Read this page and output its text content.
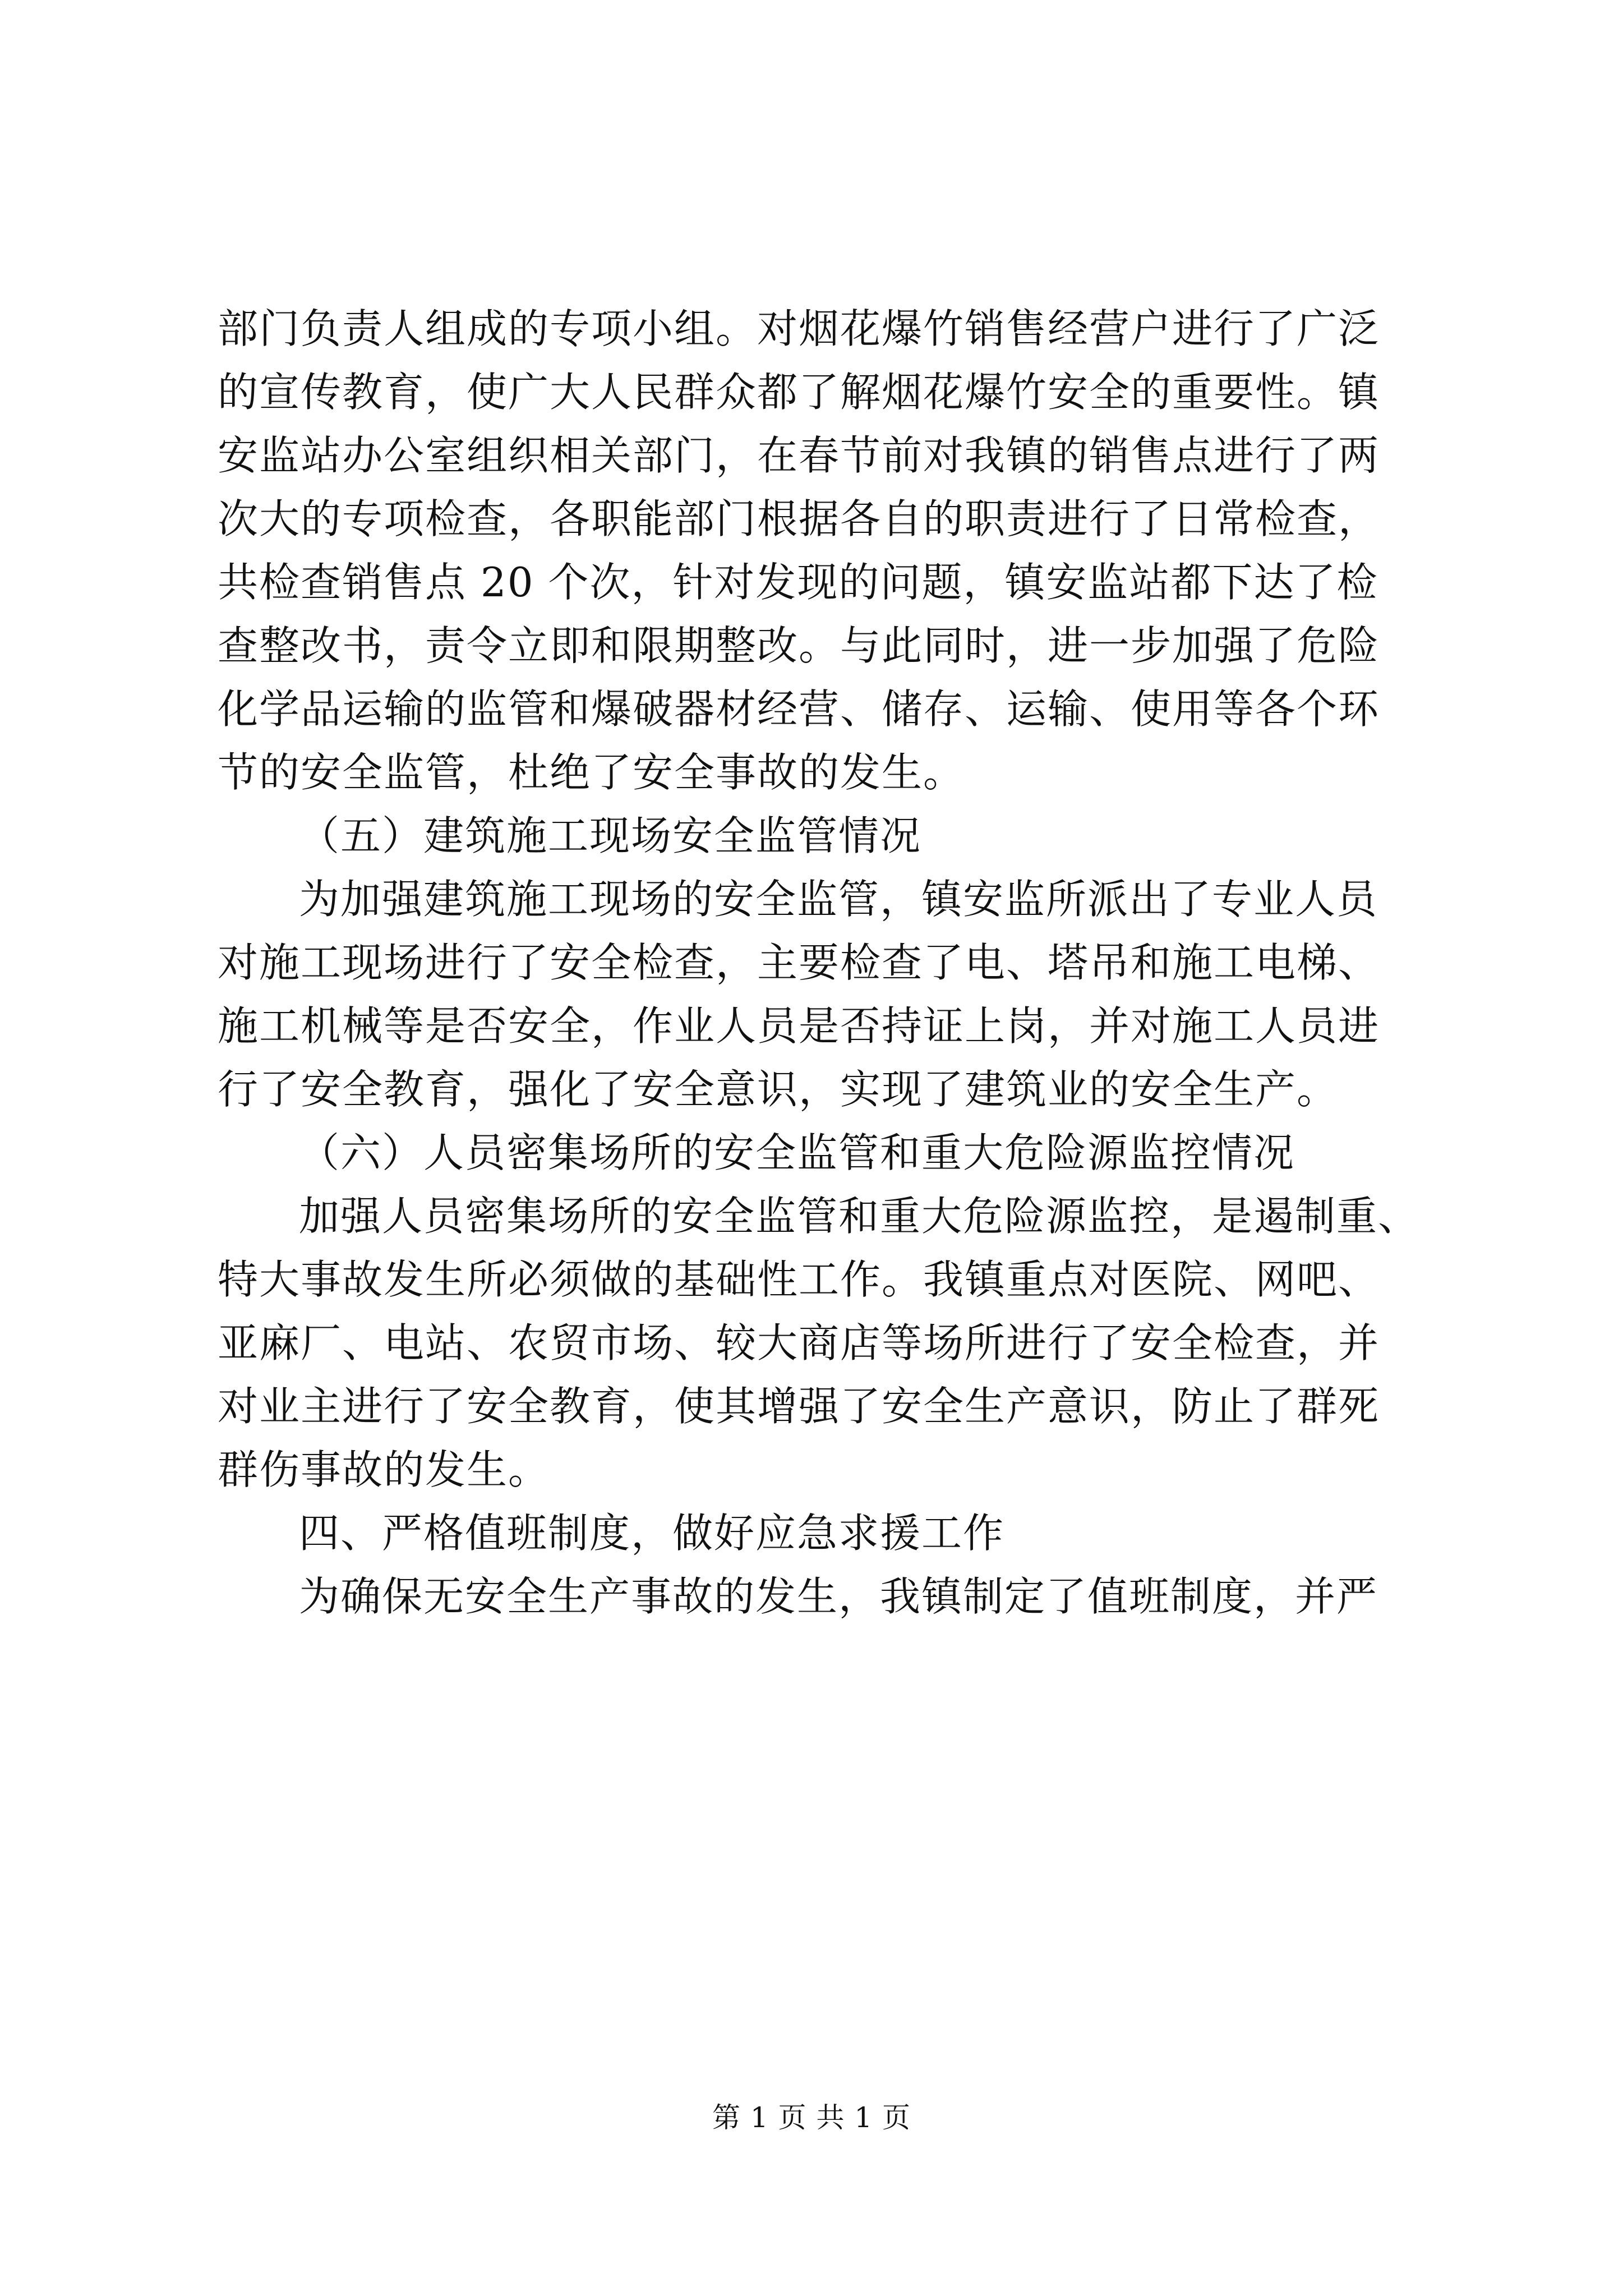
部门负责人组成的专项小组。对烟花爆竹销售经营户进行了广泛
的宣传教育，使广大人民群众都了解烟花爆竹安全的重要性。镇
安监站办公室组织相关部门，在春节前对我镇的销售点进行了两
次大的专项检查，各职能部门根据各自的职责进行了日常检查，
共检查销售点 20 个次，针对发现的问题，镇安监站都下达了检
查整改书，责令立即和限期整改。与此同时，进一步加强了危险
化学品运输的监管和爆破器材经营、储存、运输、使用等各个环
节的安全监管，杜绝了安全事故的发生。
（五）建筑施工现场安全监管情况
为加强建筑施工现场的安全监管，镇安监所派出了专业人员
对施工现场进行了安全检查，主要检查了电、塔吊和施工电梯、
施工机械等是否安全，作业人员是否持证上岗，并对施工人员进
行了安全教育，强化了安全意识，实现了建筑业的安全生产。
（六）人员密集场所的安全监管和重大危险源监控情况
加强人员密集场所的安全监管和重大危险源监控，是遏制重、
特大事故发生所必须做的基础性工作。我镇重点对医院、网吧、
亚麻厂、电站、农贸市场、较大商店等场所进行了安全检查，并
对业主进行了安全教育，使其增强了安全生产意识，防止了群死
群伤事故的发生。
四、严格值班制度，做好应急求援工作
为确保无安全生产事故的发生，我镇制定了值班制度，并严
第 1 页 共 1 页
